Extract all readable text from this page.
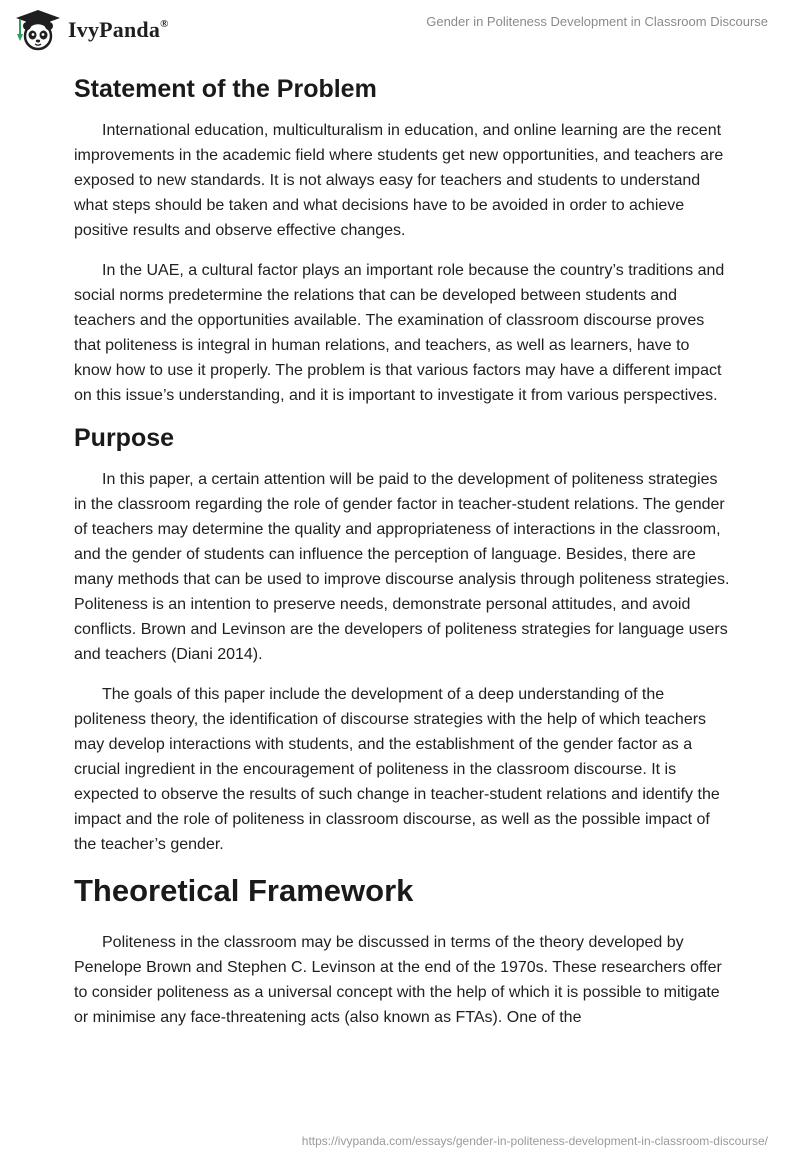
IvyPanda®	Gender in Politeness Development in Classroom Discourse
Statement of the Problem

International education, multiculturalism in education, and online learning are the recent improvements in the academic field where students get new opportunities, and teachers are exposed to new standards. It is not always easy for teachers and students to understand what steps should be taken and what decisions have to be avoided in order to achieve positive results and observe effective changes.

In the UAE, a cultural factor plays an important role because the country’s traditions and social norms predetermine the relations that can be developed between students and teachers and the opportunities available. The examination of classroom discourse proves that politeness is integral in human relations, and teachers, as well as learners, have to know how to use it properly. The problem is that various factors may have a different impact on this issue’s understanding, and it is important to investigate it from various perspectives.

Purpose

In this paper, a certain attention will be paid to the development of politeness strategies in the classroom regarding the role of gender factor in teacher-student relations. The gender of teachers may determine the quality and appropriateness of interactions in the classroom, and the gender of students can influence the perception of language. Besides, there are many methods that can be used to improve discourse analysis through politeness strategies. Politeness is an intention to preserve needs, demonstrate personal attitudes, and avoid conflicts. Brown and Levinson are the developers of politeness strategies for language users and teachers (Diani 2014).

The goals of this paper include the development of a deep understanding of the politeness theory, the identification of discourse strategies with the help of which teachers may develop interactions with students, and the establishment of the gender factor as a crucial ingredient in the encouragement of politeness in the classroom discourse. It is expected to observe the results of such change in teacher-student relations and identify the impact and the role of politeness in classroom discourse, as well as the possible impact of the teacher’s gender.

Theoretical Framework

Politeness in the classroom may be discussed in terms of the theory developed by Penelope Brown and Stephen C. Levinson at the end of the 1970s. These researchers offer to consider politeness as a universal concept with the help of which it is possible to mitigate or minimise any face-threatening acts (also known as FTAs). One of the

https://ivypanda.com/essays/gender-in-politeness-development-in-classroom-discourse/
